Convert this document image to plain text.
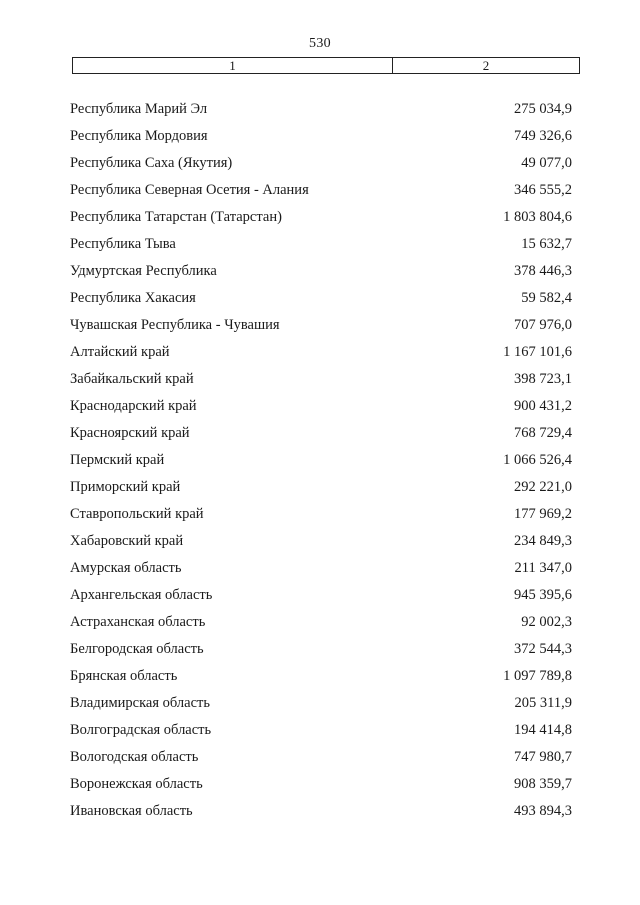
530
1	2
Республика Марий Эл	275 034,9
Республика Мордовия	749 326,6
Республика Саха (Якутия)	49 077,0
Республика Северная Осетия - Алания	346 555,2
Республика Татарстан (Татарстан)	1 803 804,6
Республика Тыва	15 632,7
Удмуртская Республика	378 446,3
Республика Хакасия	59 582,4
Чувашская Республика - Чувашия	707 976,0
Алтайский край	1 167 101,6
Забайкальский край	398 723,1
Краснодарский край	900 431,2
Красноярский край	768 729,4
Пермский край	1 066 526,4
Приморский край	292 221,0
Ставропольский край	177 969,2
Хабаровский край	234 849,3
Амурская область	211 347,0
Архангельская область	945 395,6
Астраханская область	92 002,3
Белгородская область	372 544,3
Брянская область	1 097 789,8
Владимирская область	205 311,9
Волгоградская область	194 414,8
Вологодская область	747 980,7
Воронежская область	908 359,7
Ивановская область	493 894,3
